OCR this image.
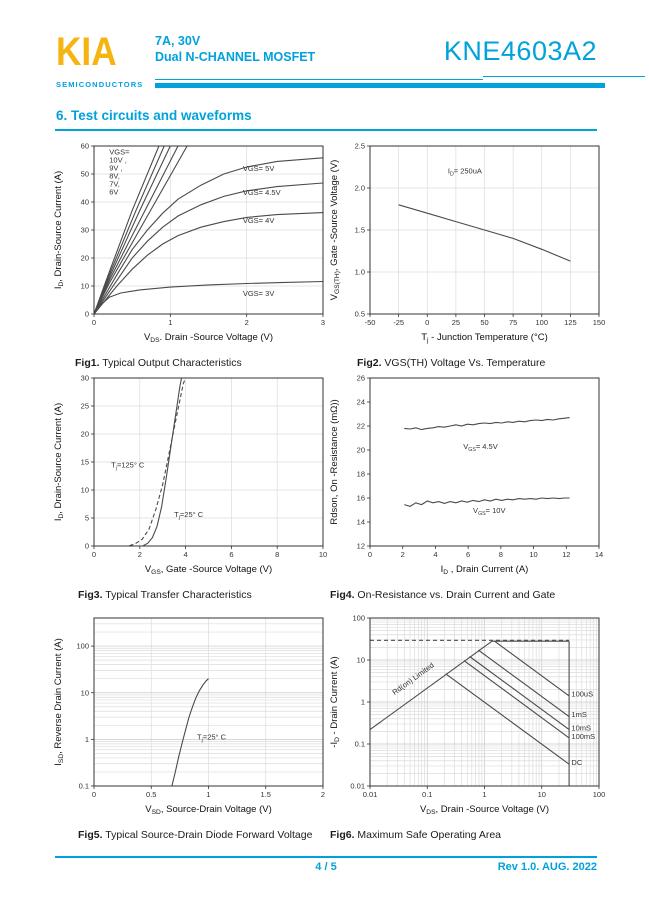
KIA
SEMICONDUCTORS
7A, 30V
Dual N-CHANNEL MOSFET	KNE4603A2
6. Test circuits and waveforms
0	1	2	3
0
10
20
30
40
50
60
$V_{DS}$. Drain -Source Voltage (V)
$I_D$, Drain-Source Current (A)
VGS= 10V , 9V , 8V, 7V, 6V
VGS= 5V
VGS= 4.5V
VGS= 4V
VGS= 3V
Fig1. Typical Output Characteristics
-50 -25	0	25	50	75 100 125 150
0.5
1.0
1.5
2.0
2.5
$T_j$ - Junction Temperature (°C)
$V_{GS(TH)}$, Gate -Source Voltage (V)	$I_D= 250uA$
Fig2. VGS(TH) Voltage Vs. Temperature
0	2	4	6	8	10
0
5
10
15
20
25
30
$V_{GS}$, Gate -Source Voltage (V)
$I_D$, Drain-Source Current (A)	$T_j=125^\circ$ C
$T_j=25^\circ$ C
Fig3. Typical Transfer Characteristics
0	2	4	6	8	10	12	14
12
14
16
18
20
22
24
26
$I_D$ , Drain Current (A)
Rdson, On -Resistance (mΩ))	$V_{GS}= 4.5V$
$V_{GS}= 10V$
Fig4. On-Resistance vs. Drain Current and Gate
0	0.5	1	1.5	2
0.1
1
10
100
$V_{SD}$, Source-Drain Voltage (V)
$I_{SD}$, Reverse Drain Current (A)	$T_j=25^\circ$ C
Fig5. Typical Source-Drain Diode Forward Voltage
0.01	0.1	1	10	100
0.01
0.1
1
10
100
$V_{DS}$, Drain -Source Voltage (V)
$-I_D$ - Drain Current (A)	Rd(on) Limited	100uS
1mS
10mS
100mS
DC
Fig6. Maximum Safe Operating Area
4 / 5	Rev 1.0. AUG. 2022
